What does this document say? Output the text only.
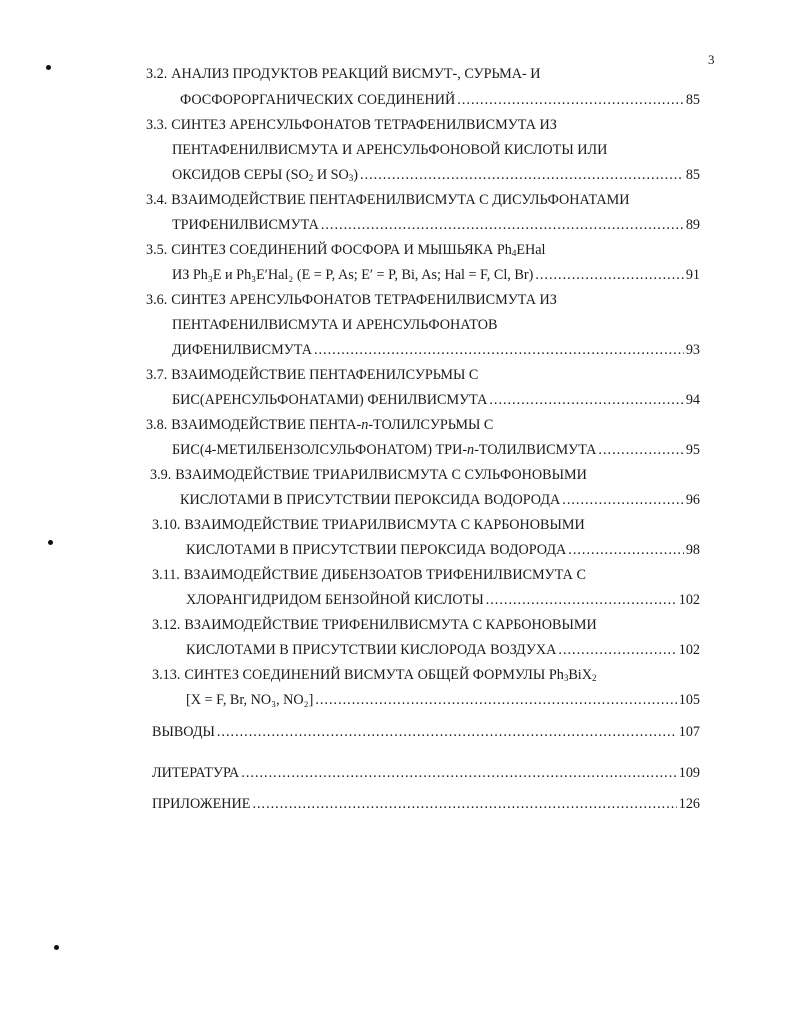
3
3.2. АНАЛИЗ ПРОДУКТОВ РЕАКЦИЙ ВИСМУТ-, СУРЬМА- И
ФОСФОРОРГАНИЧЕСКИХ СОЕДИНЕНИЙ .....	85
3.3. СИНТЕЗ АРЕНСУЛЬФОНАТОВ ТЕТРАФЕНИЛВИСМУТА ИЗ
ПЕНТАФЕНИЛВИСМУТА И АРЕНСУЛЬФОНОВОЙ КИСЛОТЫ ИЛИ
ОКСИДОВ СЕРЫ ($SO_2$ И $SO_3$) .....	85
3.4. ВЗАИМОДЕЙСТВИЕ ПЕНТАФЕНИЛВИСМУТА С ДИСУЛЬФОНАТАМИ
ТРИФЕНИЛВИСМУТА .....	89
3.5. СИНТЕЗ СОЕДИНЕНИЙ ФОСФОРА И МЫШЬЯКА $Ph_4EHal$
ИЗ Ph₃E и Ph₃E′Hal₂ (E = P, As; E′ = P, Bi, As; Hal = F, Cl, Br) .....	91
3.6. СИНТЕЗ АРЕНСУЛЬФОНАТОВ ТЕТРАФЕНИЛВИСМУТА ИЗ
ПЕНТАФЕНИЛВИСМУТА И АРЕНСУЛЬФОНАТОВ
ДИФЕНИЛВИСМУТА .....	93
3.7. ВЗАИМОДЕЙСТВИЕ ПЕНТАФЕНИЛСУРЬМЫ С
БИС(АРЕНСУЛЬФОНАТАМИ) ФЕНИЛВИСМУТА .....	94
3.8. ВЗАИМОДЕЙСТВИЕ ПЕНТА-n-ТОЛИЛСУРЬМЫ С
БИС(4-МЕТИЛБЕНЗОЛСУЛЬФОНАТОМ) ТРИ-n-ТОЛИЛВИСМУТА .....	95
3.9. ВЗАИМОДЕЙСТВИЕ ТРИАРИЛВИСМУТА С СУЛЬФОНОВЫМИ
КИСЛОТАМИ В ПРИСУТСТВИИ ПЕРОКСИДА ВОДОРОДА .....	96
3.10. ВЗАИМОДЕЙСТВИЕ ТРИАРИЛВИСМУТА С КАРБОНОВЫМИ
КИСЛОТАМИ В ПРИСУТСТВИИ ПЕРОКСИДА ВОДОРОДА .....	98
3.11. ВЗАИМОДЕЙСТВИЕ ДИБЕНЗОАТОВ ТРИФЕНИЛВИСМУТА С
ХЛОРАНГИДРИДОМ БЕНЗОЙНОЙ КИСЛОТЫ .....	102
3.12. ВЗАИМОДЕЙСТВИЕ ТРИФЕНИЛВИСМУТА С КАРБОНОВЫМИ
КИСЛОТАМИ В ПРИСУТСТВИИ КИСЛОРОДА ВОЗДУХА .....	102
3.13. СИНТЕЗ СОЕДИНЕНИЙ ВИСМУТА ОБЩЕЙ ФОРМУЛЫ $Ph_3BiX_2$
[X = F, Br, NO₃, NO₂] .....	105
ВЫВОДЫ .....	107
ЛИТЕРАТУРА .....	109
ПРИЛОЖЕНИЕ .....	126
